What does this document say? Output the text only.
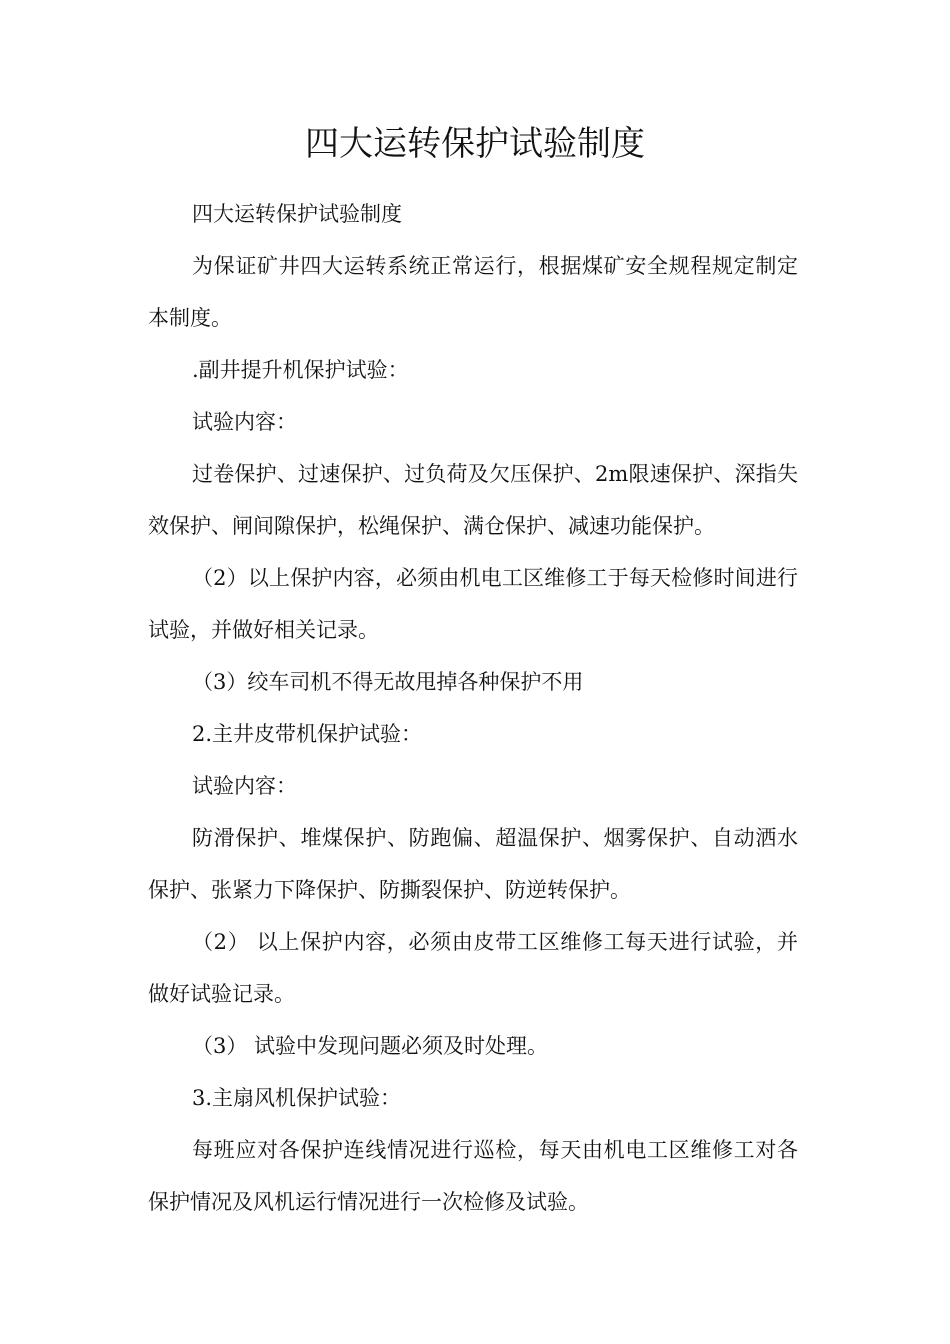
四大运转保护试验制度

四大运转保护试验制度

为保证矿井四大运转系统正常运行，根据煤矿安全规程规定制定本制度。

.副井提升机保护试验：

试验内容：

过卷保护、过速保护、过负荷及欠压保护、2m限速保护、深指失效保护、闸间隙保护，松绳保护、满仓保护、减速功能保护。

（2）以上保护内容，必须由机电工区维修工于每天检修时间进行试验，并做好相关记录。

（3）绞车司机不得无故甩掉各种保护不用

2.主井皮带机保护试验：

试验内容：

防滑保护、堆煤保护、防跑偏、超温保护、烟雾保护、自动洒水保护、张紧力下降保护、防撕裂保护、防逆转保护。

（2） 以上保护内容，必须由皮带工区维修工每天进行试验，并做好试验记录。

（3） 试验中发现问题必须及时处理。

3.主扇风机保护试验：

每班应对各保护连线情况进行巡检，每天由机电工区维修工对各保护情况及风机运行情况进行一次检修及试验。
